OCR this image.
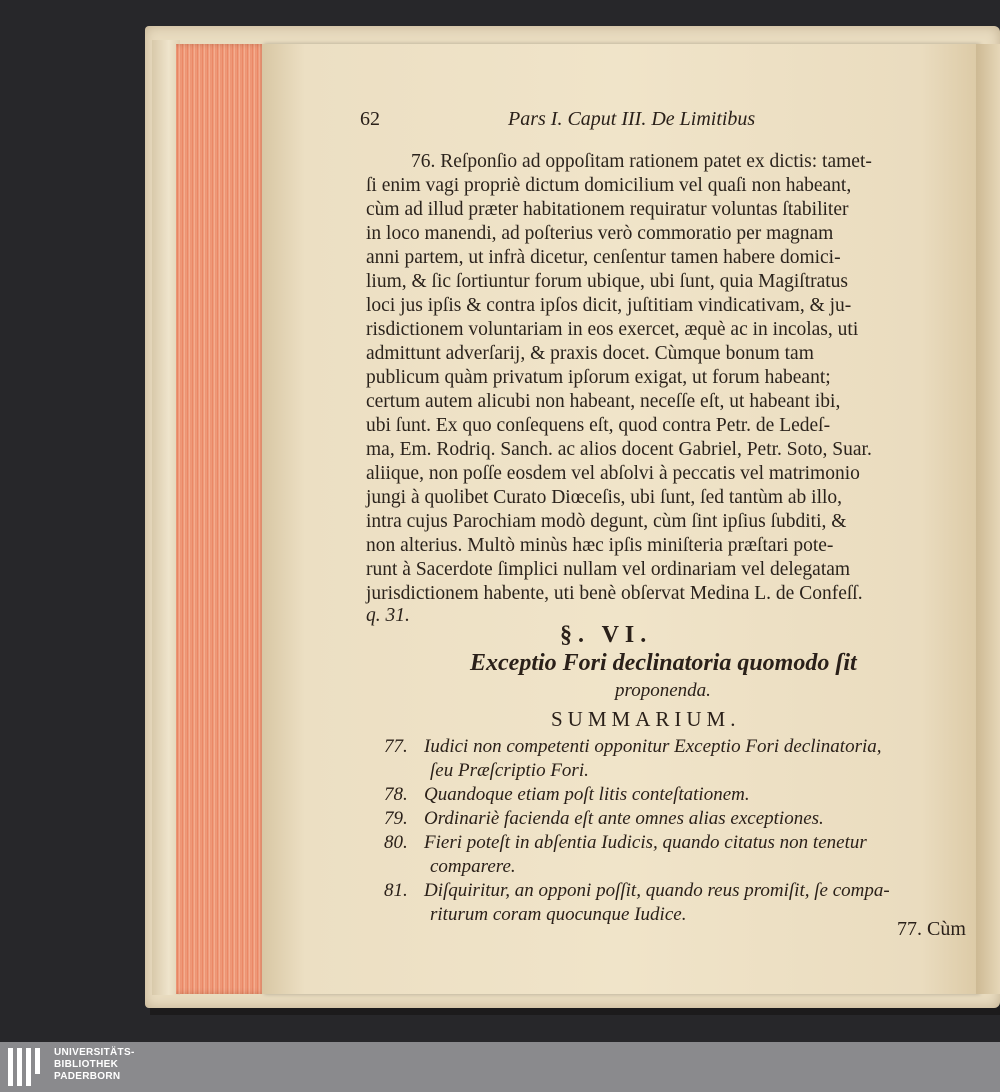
62	Pars I. Caput III. De Limitibus
76. Reſponſio ad oppoſitam rationem patet ex dictis: tamet-
ſi enim vagi propriè dictum domicilium vel quaſi non habeant,
cùm ad illud præter habitationem requiratur voluntas ſtabiliter
in loco manendi, ad poſterius verò commoratio per magnam
anni partem, ut infrà dicetur, cenſentur tamen habere domici-
lium, & ſic ſortiuntur forum ubique, ubi ſunt, quia Magiſtratus
loci jus ipſis & contra ipſos dicit, juſtitiam vindicativam, & ju-
risdictionem voluntariam in eos exercet, æquè ac in incolas, uti
admittunt adverſarij, & praxis docet. Cùmque bonum tam
publicum quàm privatum ipſorum exigat, ut forum habeant;
certum autem alicubi non habeant, neceſſe eſt, ut habeant ibi,
ubi ſunt. Ex quo conſequens eſt, quod contra Petr. de Ledeſ-
ma, Em. Rodriq. Sanch. ac alios docent Gabriel, Petr. Soto, Suar.
aliique, non poſſe eosdem vel abſolvi à peccatis vel matrimonio
jungi à quolibet Curato Diœceſis, ubi ſunt, ſed tantùm ab illo,
intra cujus Parochiam modò degunt, cùm ſint ipſius ſubditi, &
non alterius. Multò minùs hæc ipſis miniſteria præſtari pote-
runt à Sacerdote ſimplici nullam vel ordinariam vel delegatam
jurisdictionem habente, uti benè obſervat Medina L. de Confeſſ.
q. 31.
§. VI.
Exceptio Fori declinatoria quomodo ſit
proponenda.
SUMMARIUM.
77. Iudici non competenti opponitur Exceptio Fori declinatoria,
ſeu Præſcriptio Fori.
78. Quandoque etiam poſt litis conteſtationem.
79. Ordinariè facienda eſt ante omnes alias exceptiones.
80. Fieri poteſt in abſentia Iudicis, quando citatus non tenetur
comparere.
81. Diſquiritur, an opponi poſſit, quando reus promiſit, ſe compa-
riturum coram quocunque Iudice.
77. Cùm
UNIVERSITÄTS-
BIBLIOTHEK
PADERBORN
